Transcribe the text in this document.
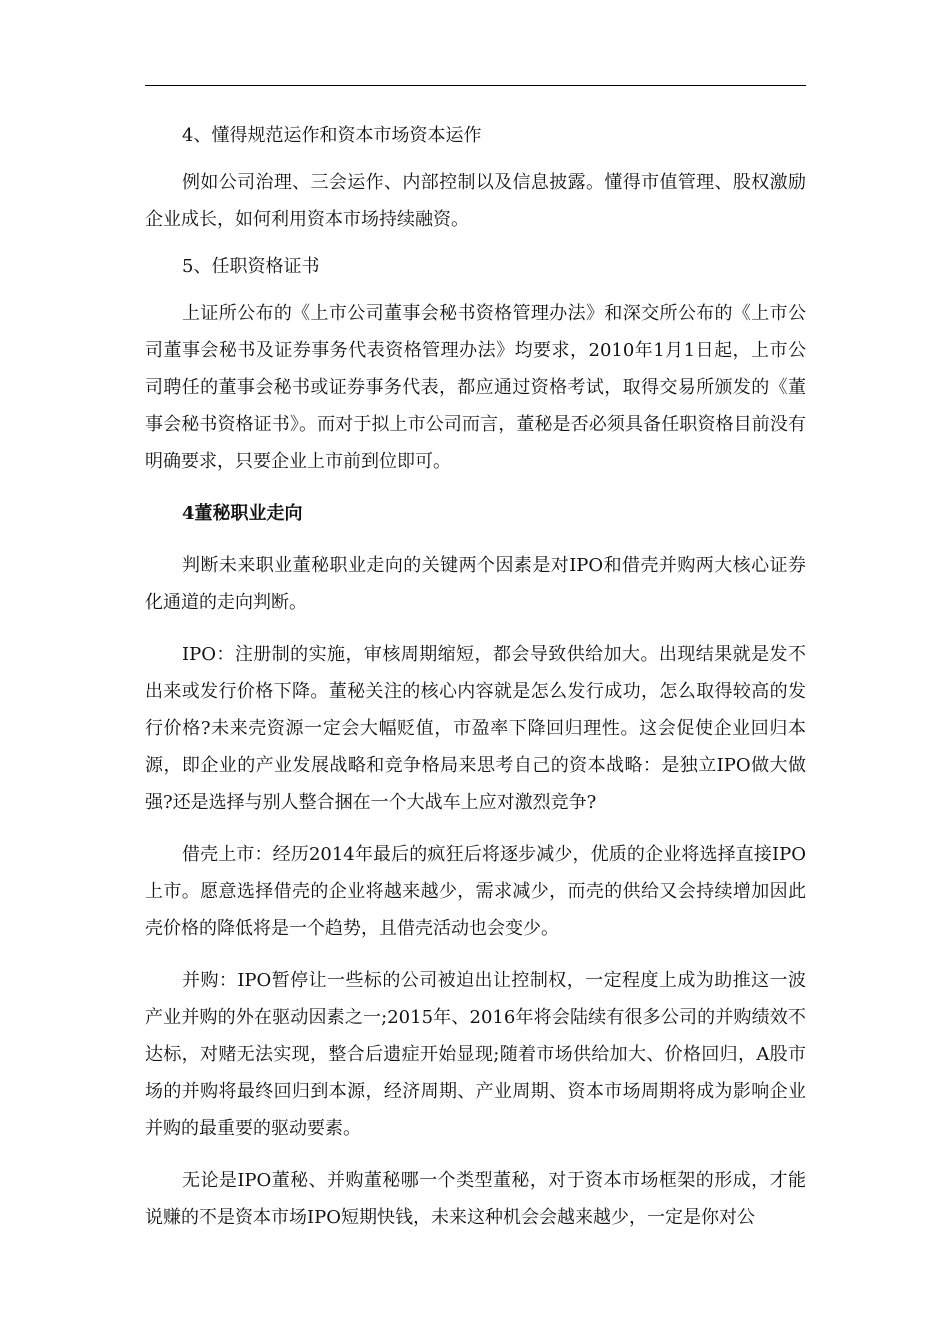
4、懂得规范运作和资本市场资本运作

例如公司治理、三会运作、内部控制以及信息披露。懂得市值管理、股权激励企业成长，如何利用资本市场持续融资。

5、任职资格证书

上证所公布的《上市公司董事会秘书资格管理办法》和深交所公布的《上市公司董事会秘书及证券事务代表资格管理办法》均要求，2010年1月1日起，上市公司聘任的董事会秘书或证券事务代表，都应通过资格考试，取得交易所颁发的《董事会秘书资格证书》。而对于拟上市公司而言，董秘是否必须具备任职资格目前没有明确要求，只要企业上市前到位即可。

4董秘职业走向

判断未来职业董秘职业走向的关键两个因素是对IPO和借壳并购两大核心证券化通道的走向判断。

IPO：注册制的实施，审核周期缩短，都会导致供给加大。出现结果就是发不出来或发行价格下降。董秘关注的核心内容就是怎么发行成功，怎么取得较高的发行价格?未来壳资源一定会大幅贬值，市盈率下降回归理性。这会促使企业回归本源，即企业的产业发展战略和竞争格局来思考自己的资本战略：是独立IPO做大做强?还是选择与别人整合捆在一个大战车上应对激烈竞争?

借壳上市：经历2014年最后的疯狂后将逐步减少，优质的企业将选择直接IPO上市。愿意选择借壳的企业将越来越少，需求减少，而壳的供给又会持续增加因此壳价格的降低将是一个趋势，且借壳活动也会变少。

并购：IPO暂停让一些标的公司被迫出让控制权，一定程度上成为助推这一波产业并购的外在驱动因素之一;2015年、2016年将会陆续有很多公司的并购绩效不达标，对赌无法实现，整合后遗症开始显现;随着市场供给加大、价格回归，A股市场的并购将最终回归到本源，经济周期、产业周期、资本市场周期将成为影响企业并购的最重要的驱动要素。

无论是IPO董秘、并购董秘哪一个类型董秘，对于资本市场框架的形成，才能说赚的不是资本市场IPO短期快钱，未来这种机会会越来越少，一定是你对公
